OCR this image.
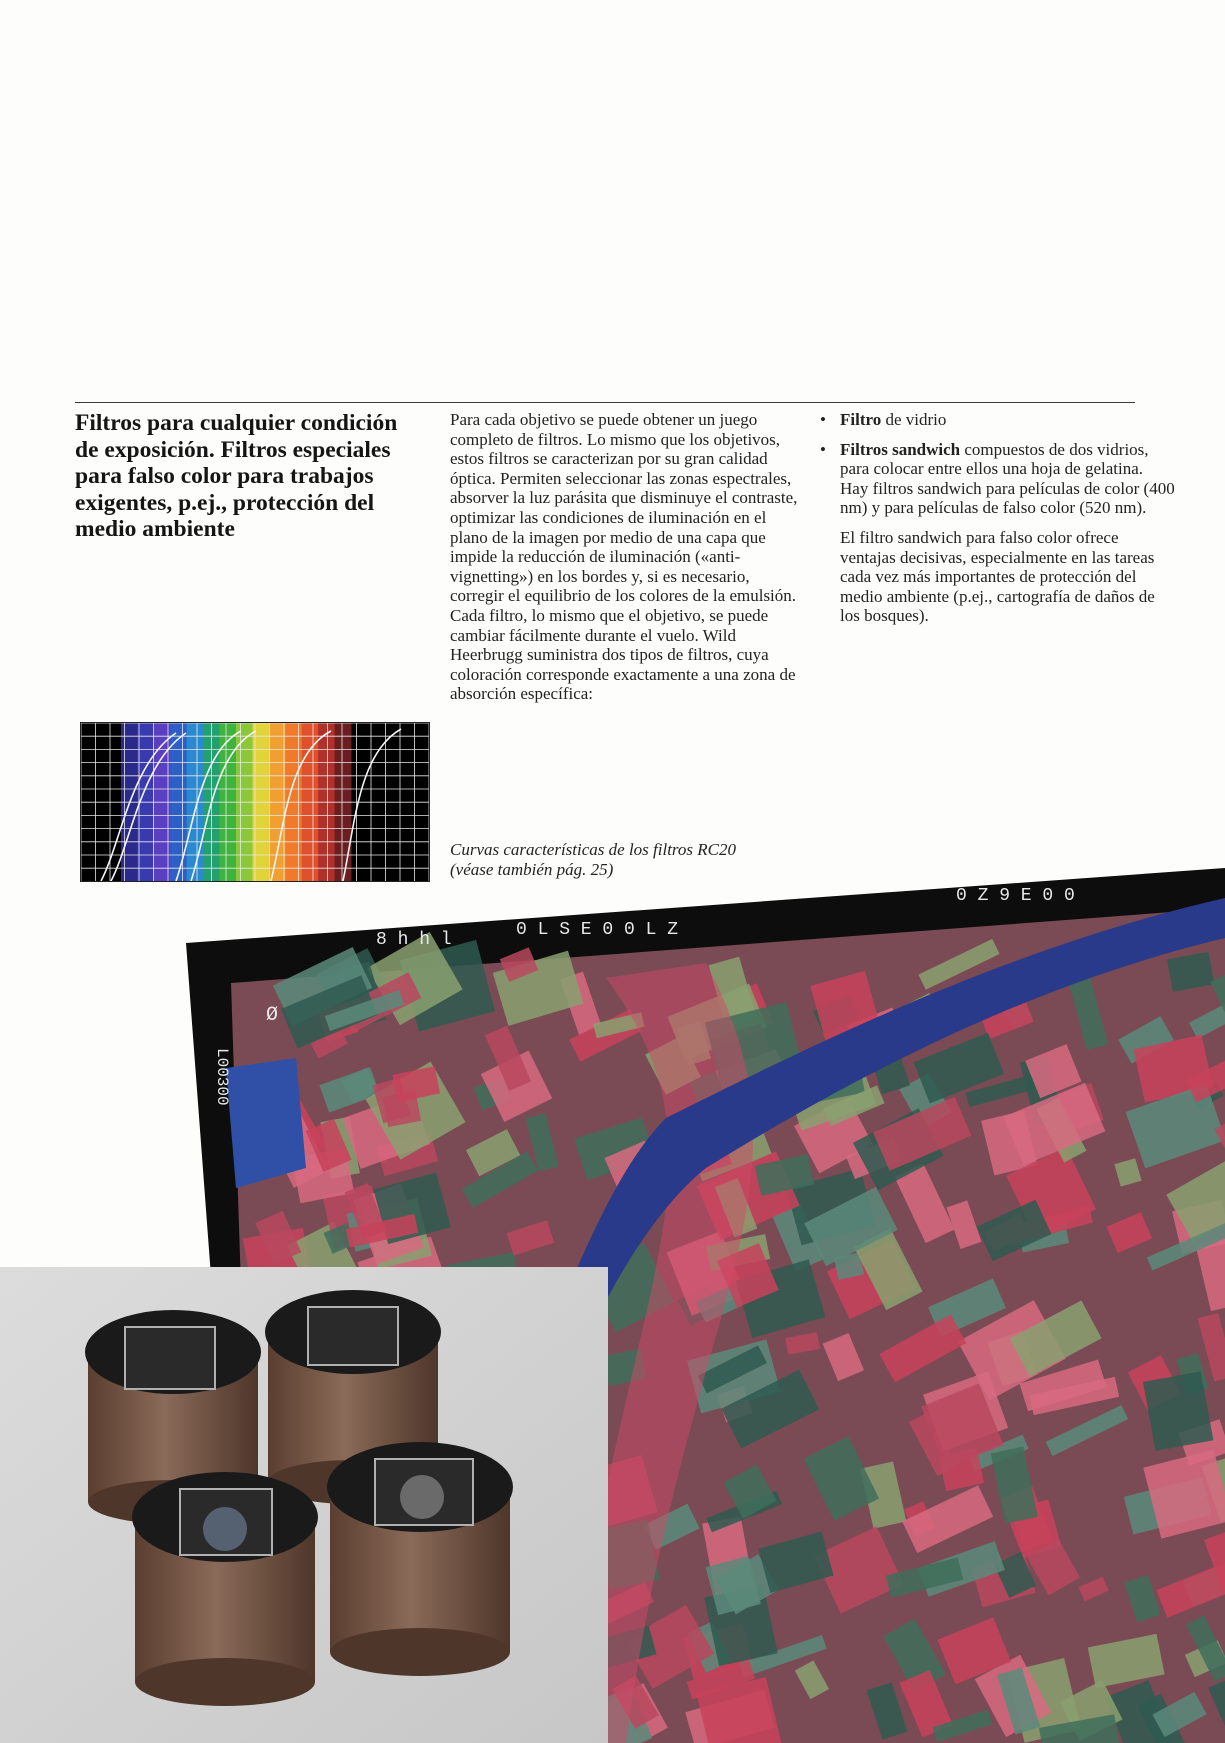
Filtros para cualquier condición de exposición. Filtros especiales para falso color para trabajos exigentes, p.ej., protección del medio ambiente
Para cada objetivo se puede obtener un juego completo de filtros. Lo mismo que los objetivos, estos filtros se caracterizan por su gran calidad óptica. Permiten seleccionar las zonas espectrales, absorver la luz parásita que disminuye el contraste, optimizar las condiciones de iluminación en el plano de la imagen por medio de una capa que impide la reducción de iluminación («anti-vignetting») en los bordes y, si es necesario, corregir el equilibrio de los colores de la emulsión. Cada filtro, lo mismo que el objetivo, se puede cambiar fácilmente durante el vuelo. Wild Heerbrugg suministra dos tipos de filtros, cuya coloración corresponde exactamente a una zona de absorción específica:
• Filtro de vidrio
• Filtros sandwich compuestos de dos vidrios, para colocar entre ellos una hoja de gelatina. Hay filtros sandwich para películas de color (400 nm) y para películas de falso color (520 nm).

El filtro sandwich para falso color ofrece ventajas decisivas, especialmente en las tareas cada vez más importantes de protección del medio ambiente (p.ej., cartografía de daños de los bosques).

Curvas características de los filtros RC20
(véase también pág. 25)
8 h h l	0 L S E 0 0 L Z
0 Z 9 E 0 0
Ø
L00300
